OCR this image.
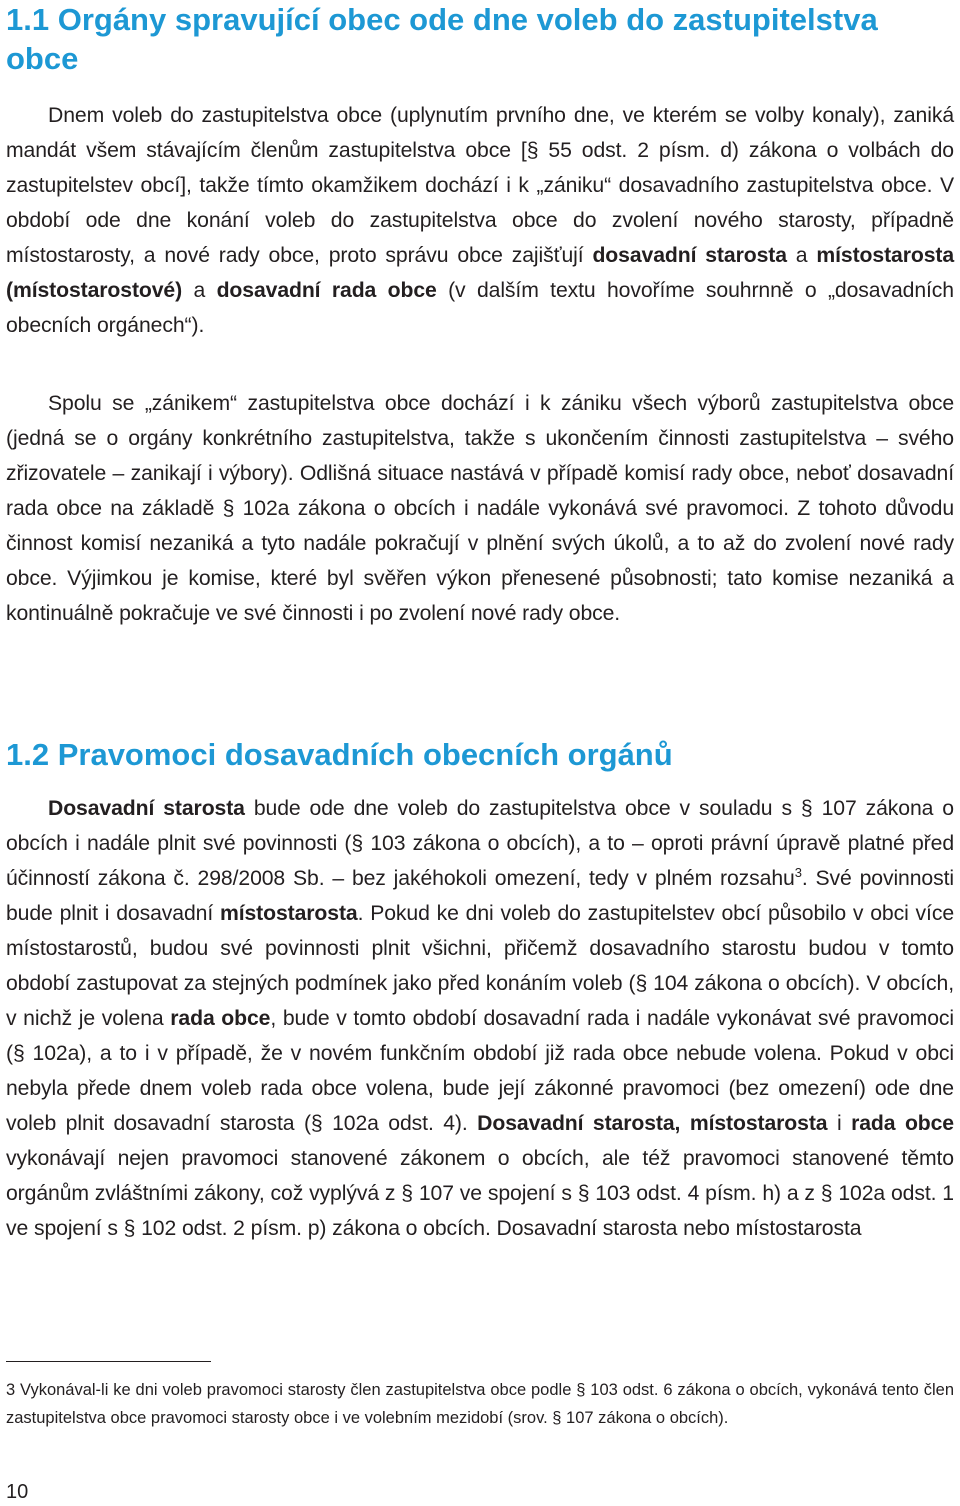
1.1 Orgány spravující obec ode dne voleb do zastupitelstva obce

Dnem voleb do zastupitelstva obce (uplynutím prvního dne, ve kterém se volby konaly), zaniká mandát všem stávajícím členům zastupitelstva obce [§ 55 odst. 2 písm. d) zákona o volbách do zastupitelstev obcí], takže tímto okamžikem dochází i k „zániku“ dosavadního zastupitelstva obce. V období ode dne konání voleb do zastupitelstva obce do zvolení nového starosty, případně místostarosty, a nové rady obce, proto správu obce zajišťují dosavadní starosta a místostarosta (místostarostové) a dosavadní rada obce (v dalším textu hovoříme souhrnně o „dosavadních obecních orgánech“).

Spolu se „zánikem“ zastupitelstva obce dochází i k zániku všech výborů zastupitelstva obce (jedná se o orgány konkrétního zastupitelstva, takže s ukončením činnosti zastupitelstva – svého zřizovatele – zanikají i výbory). Odlišná situace nastává v případě komisí rady obce, neboť dosavadní rada obce na základě § 102a zákona o obcích i nadále vykonává své pravomoci. Z tohoto důvodu činnost komisí nezaniká a tyto nadále pokračují v plnění svých úkolů, a to až do zvolení nové rady obce. Výjimkou je komise, které byl svěřen výkon přenesené působnosti; tato komise nezaniká a kontinuálně pokračuje ve své činnosti i po zvolení nové rady obce.

1.2 Pravomoci dosavadních obecních orgánů

Dosavadní starosta bude ode dne voleb do zastupitelstva obce v souladu s § 107 zákona o obcích i nadále plnit své povinnosti (§ 103 zákona o obcích), a to – oproti právní úpravě platné před účinností zákona č. 298/2008 Sb. – bez jakéhokoli omezení, tedy v plném rozsahu$^3$. Své povinnosti bude plnit i dosavadní místostarosta. Pokud ke dni voleb do zastupitelstev obcí působilo v obci více místostarostů, budou své povinnosti plnit všichni, přičemž dosavadního starostu budou v tomto období zastupovat za stejných podmínek jako před konáním voleb (§ 104 zákona o obcích). V obcích, v nichž je volena rada obce, bude v tomto období dosavadní rada i nadále vykonávat své pravomoci (§ 102a), a to i v případě, že v novém funkčním období již rada obce nebude volena. Pokud v obci nebyla přede dnem voleb rada obce volena, bude její zákonné pravomoci (bez omezení) ode dne voleb plnit dosavadní starosta (§ 102a odst. 4). Dosavadní starosta, místostarosta i rada obce vykonávají nejen pravomoci stanovené zákonem o obcích, ale též pravomoci stanovené těmto orgánům zvláštními zákony, což vyplývá z § 107 ve spojení s § 103 odst. 4 písm. h) a z § 102a odst. 1 ve spojení s § 102 odst. 2 písm. p) zákona o obcích. Dosavadní starosta nebo místostarosta

3 Vykonával-li ke dni voleb pravomoci starosty člen zastupitelstva obce podle § 103 odst. 6 zákona o obcích, vykonává tento člen zastupitelstva obce pravomoci starosty obce i ve volebním mezidobí (srov. § 107 zákona o obcích).

10
